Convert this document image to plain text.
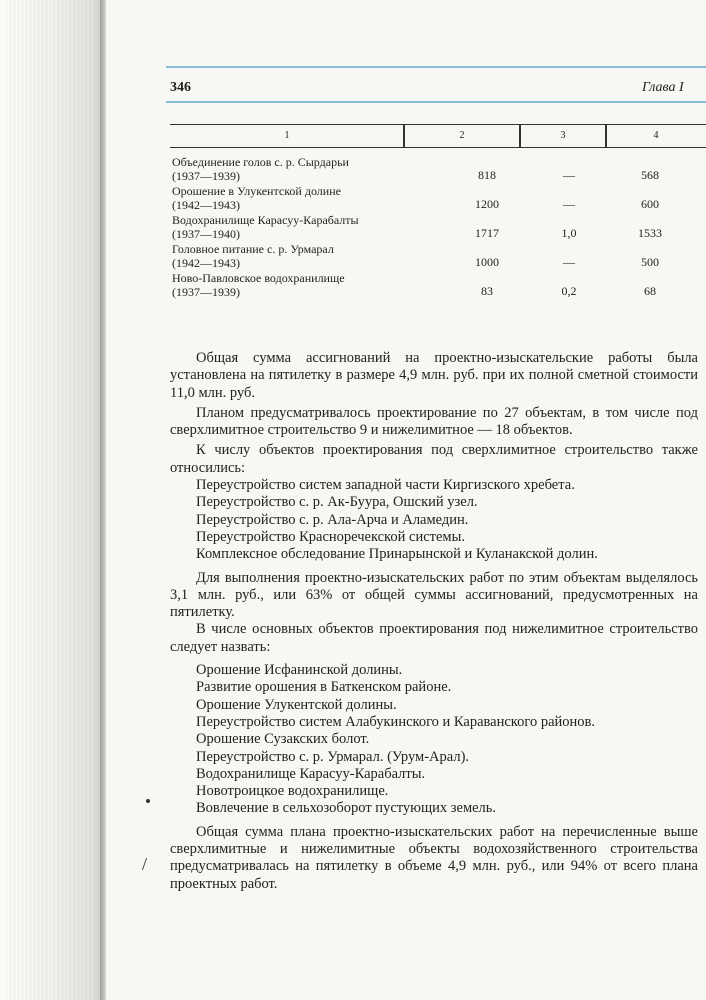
346	Глава I
1	2	3	4
Объединение голов с. р. Сырдарьи
(1937—1939)	818	—	568
Орошение в Улукентской долине
(1942—1943)	1200	—	600
Водохранилище Карасуу-Карабалты
(1937—1940)	1717	1,0	1533
Головное питание с. р. Урмарал
(1942—1943)	1000	—	500
Ново-Павловское водохранилище
(1937—1939)	83	0,2	68

Общая сумма ассигнований на проектно-изыскательские работы была установлена на пятилетку в размере 4,9 млн. руб. при их полной сметной стоимости 11,0 млн. руб.

Планом предусматривалось проектирование по 27 объектам, в том числе под сверхлимитное строительство 9 и нижелимитное — 18 объектов.

К числу объектов проектирования под сверхлимитное строительство также относились:

Переустройство систем западной части Киргизского хребета.
Переустройство с. р. Ак-Буура, Ошский узел.
Переустройство с. р. Ала-Арча и Аламедин.
Переустройство Красноречекской системы.
Комплексное обследование Принарынской и Куланакской долин.

Для выполнения проектно-изыскательских работ по этим объектам выделялось 3,1 млн. руб., или 63% от общей суммы ассигнований, предусмотренных на пятилетку.

В числе основных объектов проектирования под нижелимитное строительство следует назвать:

Орошение Исфанинской долины.
Развитие орошения в Баткенском районе.
Орошение Улукентской долины.
Переустройство систем Алабукинского и Караванского районов.
Орошение Сузакских болот.
Переустройство с. р. Урмарал. (Урум-Арал).
Водохранилище Карасуу-Карабалты.
Новотроицкое водохранилище.
Вовлечение в сельхозоборот пустующих земель.

Общая сумма плана проектно-изыскательских работ на перечисленные выше сверхлимитные и нижелимитные объекты водохозяйственного строительства предусматривалась на пятилетку в объеме 4,9 млн. руб., или 94% от всего плана проектных работ.

/
